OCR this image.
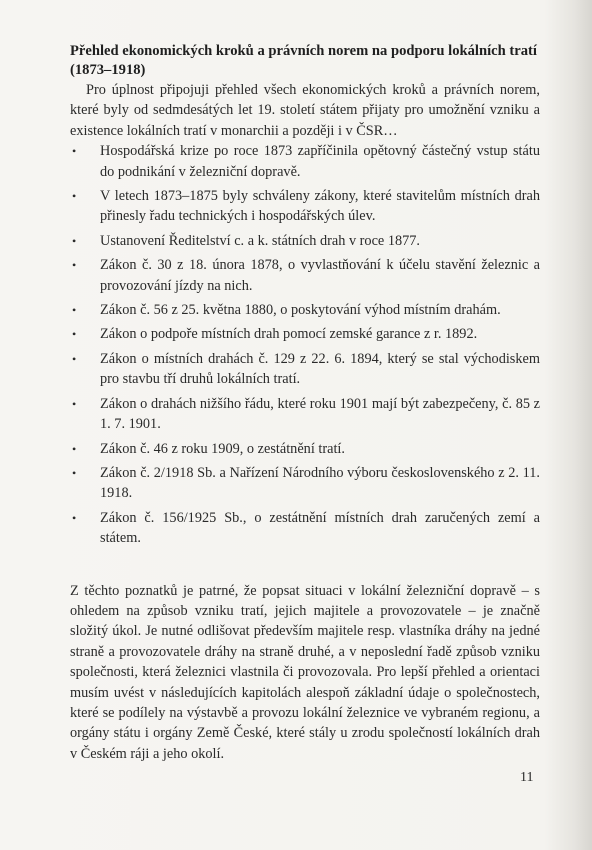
Přehled ekonomických kroků a právních norem na podporu lokálních tratí (1873–1918)

Pro úplnost připojuji přehled všech ekonomických kroků a právních norem, které byly od sedmdesátých let 19. století státem přijaty pro umožnění vzniku a existence lokálních tratí v monarchii a později i v ČSR…

• Hospodářská krize po roce 1873 zapříčinila opětovný částečný vstup státu do podnikání v železniční dopravě.
• V letech 1873–1875 byly schváleny zákony, které stavitelům místních drah přinesly řadu technických i hospodářských úlev.
• Ustanovení Ředitelství c. a k. státních drah v roce 1877.
• Zákon č. 30 z 18. února 1878, o vyvlastňování k účelu stavění železnic a provozování jízdy na nich.
• Zákon č. 56 z 25. května 1880, o poskytování výhod místním drahám.
• Zákon o podpoře místních drah pomocí zemské garance z r. 1892.
• Zákon o místních drahách č. 129 z 22. 6. 1894, který se stal východiskem pro stavbu tří druhů lokálních tratí.
• Zákon o drahách nižšího řádu, které roku 1901 mají být zabezpečeny, č. 85 z 1. 7. 1901.
• Zákon č. 46 z roku 1909, o zestátnění tratí.
• Zákon č. 2/1918 Sb. a Nařízení Národního výboru československého z 2. 11. 1918.
• Zákon č. 156/1925 Sb., o zestátnění místních drah zaručených zemí a státem.

Z těchto poznatků je patrné, že popsat situaci v lokální železniční dopravě – s ohledem na způsob vzniku tratí, jejich majitele a provozovatele – je značně složitý úkol. Je nutné odlišovat především majitele resp. vlastníka dráhy na jedné straně a provozovatele dráhy na straně druhé, a v neposlední řadě způsob vzniku společnosti, která železnici vlastnila či provozovala. Pro lepší přehled a orientaci musím uvést v následujících kapitolách alespoň základní údaje o společnostech, které se podílely na výstavbě a provozu lokální železnice ve vybraném regionu, a orgány státu i orgány Země České, které stály u zrodu společností lokálních drah v Českém ráji a jeho okolí.

11
